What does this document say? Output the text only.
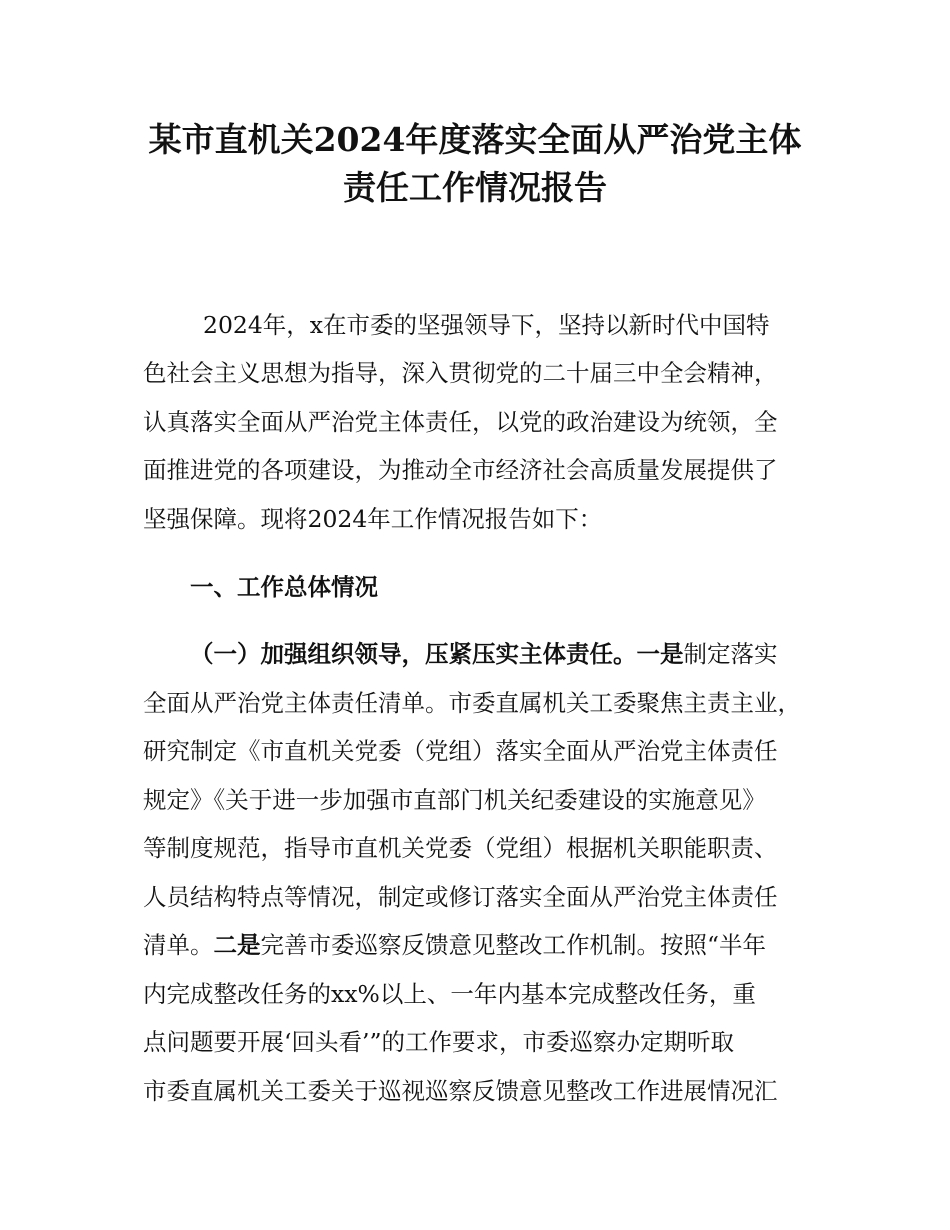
某市直机关2024年度落实全面从严治党主体
责任工作情况报告
2024年，x在市委的坚强领导下，坚持以新时代中国特
色社会主义思想为指导，深入贯彻党的二十届三中全会精神，
认真落实全面从严治党主体责任，以党的政治建设为统领，全
面推进党的各项建设，为推动全市经济社会高质量发展提供了
坚强保障。现将2024年工作情况报告如下：
一、工作总体情况
（一）加强组织领导，压紧压实主体责任。一是制定落实
全面从严治党主体责任清单。市委直属机关工委聚焦主责主业，
研究制定《市直机关党委（党组）落实全面从严治党主体责任
规定》《关于进一步加强市直部门机关纪委建设的实施意见》
等制度规范，指导市直机关党委（党组）根据机关职能职责、
人员结构特点等情况，制定或修订落实全面从严治党主体责任
清单。二是完善市委巡察反馈意见整改工作机制。按照“半年
内完成整改任务的xx%以上、一年内基本完成整改任务，重
点问题要开展‘回头看’”的工作要求，市委巡察办定期听取
市委直属机关工委关于巡视巡察反馈意见整改工作进展情况汇
